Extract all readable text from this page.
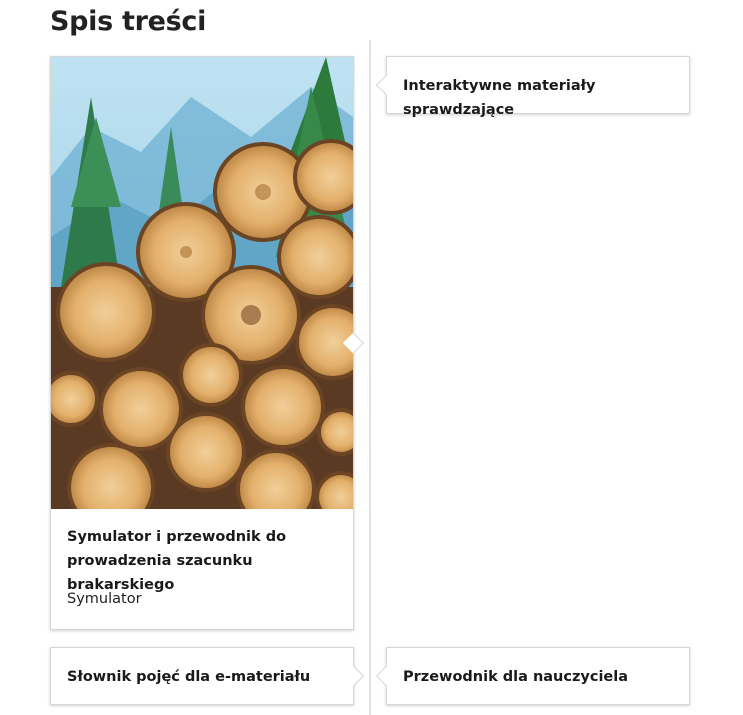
Spis treści
Symulator i przewodnik do prowadzenia szacunku brakarskiego
Symulator
Interaktywne materiały sprawdzające
Słownik pojęć dla e-materiału	Przewodnik dla nauczyciela
